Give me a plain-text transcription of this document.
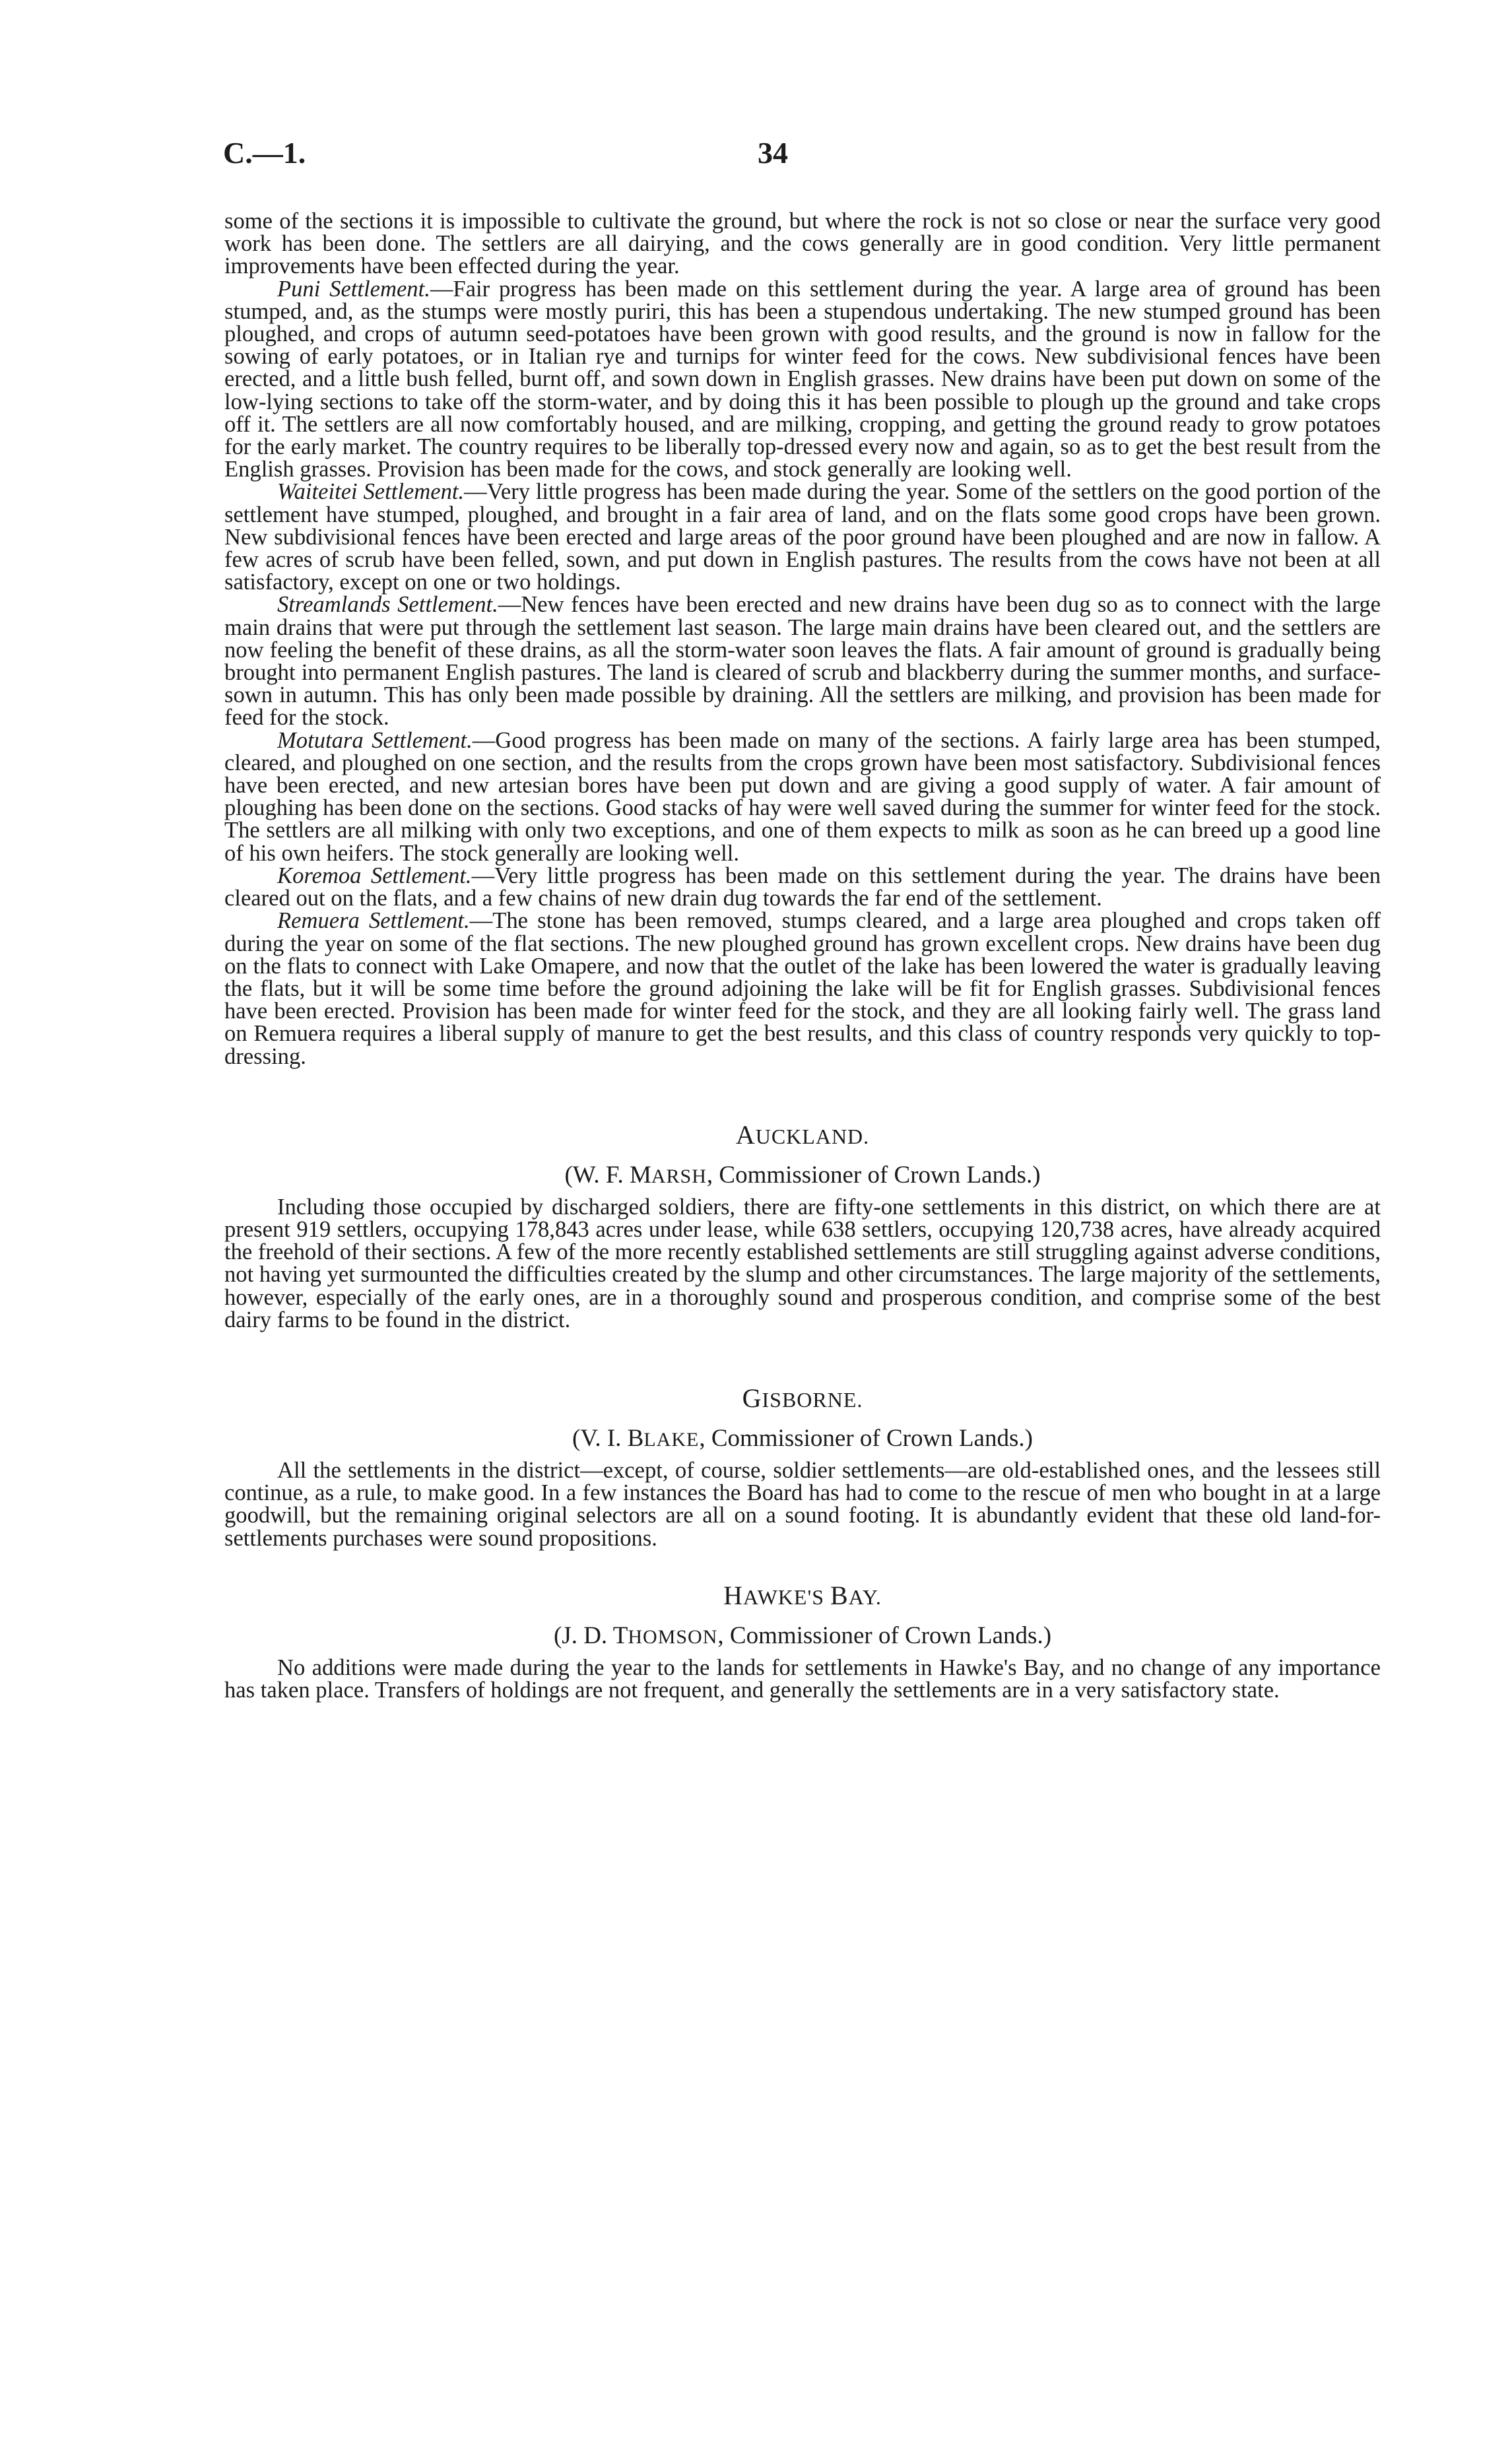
C.—1.	34

some of the sections it is impossible to cultivate the ground, but where the rock is not so close or near the surface very good work has been done. The settlers are all dairying, and the cows generally are in good condition. Very little permanent improvements have been effected during the year.

Puni Settlement.—Fair progress has been made on this settlement during the year. A large area of ground has been stumped, and, as the stumps were mostly puriri, this has been a stupendous undertaking. The new stumped ground has been ploughed, and crops of autumn seed-potatoes have been grown with good results, and the ground is now in fallow for the sowing of early potatoes, or in Italian rye and turnips for winter feed for the cows. New subdivisional fences have been erected, and a little bush felled, burnt off, and sown down in English grasses. New drains have been put down on some of the low-lying sections to take off the storm-water, and by doing this it has been possible to plough up the ground and take crops off it. The settlers are all now comfortably housed, and are milking, cropping, and getting the ground ready to grow potatoes for the early market. The country requires to be liberally top-dressed every now and again, so as to get the best result from the English grasses. Provision has been made for the cows, and stock generally are looking well.

Waiteitei Settlement.—Very little progress has been made during the year. Some of the settlers on the good portion of the settlement have stumped, ploughed, and brought in a fair area of land, and on the flats some good crops have been grown. New subdivisional fences have been erected and large areas of the poor ground have been ploughed and are now in fallow. A few acres of scrub have been felled, sown, and put down in English pastures. The results from the cows have not been at all satisfactory, except on one or two holdings.

Streamlands Settlement.—New fences have been erected and new drains have been dug so as to connect with the large main drains that were put through the settlement last season. The large main drains have been cleared out, and the settlers are now feeling the benefit of these drains, as all the storm-water soon leaves the flats. A fair amount of ground is gradually being brought into permanent English pastures. The land is cleared of scrub and blackberry during the summer months, and surface-sown in autumn. This has only been made possible by draining. All the settlers are milking, and provision has been made for feed for the stock.

Motutara Settlement.—Good progress has been made on many of the sections. A fairly large area has been stumped, cleared, and ploughed on one section, and the results from the crops grown have been most satisfactory. Subdivisional fences have been erected, and new artesian bores have been put down and are giving a good supply of water. A fair amount of ploughing has been done on the sections. Good stacks of hay were well saved during the summer for winter feed for the stock. The settlers are all milking with only two exceptions, and one of them expects to milk as soon as he can breed up a good line of his own heifers. The stock generally are looking well.

Koremoa Settlement.—Very little progress has been made on this settlement during the year. The drains have been cleared out on the flats, and a few chains of new drain dug towards the far end of the settlement.

Remuera Settlement.—The stone has been removed, stumps cleared, and a large area ploughed and crops taken off during the year on some of the flat sections. The new ploughed ground has grown excellent crops. New drains have been dug on the flats to connect with Lake Omapere, and now that the outlet of the lake has been lowered the water is gradually leaving the flats, but it will be some time before the ground adjoining the lake will be fit for English grasses. Subdivisional fences have been erected. Provision has been made for winter feed for the stock, and they are all looking fairly well. The grass land on Remuera requires a liberal supply of manure to get the best results, and this class of country responds very quickly to top-dressing.

AUCKLAND.
(W. F. MARSH, Commissioner of Crown Lands.)

Including those occupied by discharged soldiers, there are fifty-one settlements in this district, on which there are at present 919 settlers, occupying 178,843 acres under lease, while 638 settlers, occupying 120,738 acres, have already acquired the freehold of their sections. A few of the more recently established settlements are still struggling against adverse conditions, not having yet surmounted the difficulties created by the slump and other circumstances. The large majority of the settlements, however, especially of the early ones, are in a thoroughly sound and prosperous condition, and comprise some of the best dairy farms to be found in the district.

GISBORNE.
(V. I. BLAKE, Commissioner of Crown Lands.)

All the settlements in the district—except, of course, soldier settlements—are old-established ones, and the lessees still continue, as a rule, to make good. In a few instances the Board has had to come to the rescue of men who bought in at a large goodwill, but the remaining original selectors are all on a sound footing. It is abundantly evident that these old land-for-settlements purchases were sound propositions.

HAWKE'S BAY.
(J. D. THOMSON, Commissioner of Crown Lands.)

No additions were made during the year to the lands for settlements in Hawke's Bay, and no change of any importance has taken place. Transfers of holdings are not frequent, and generally the settlements are in a very satisfactory state.
